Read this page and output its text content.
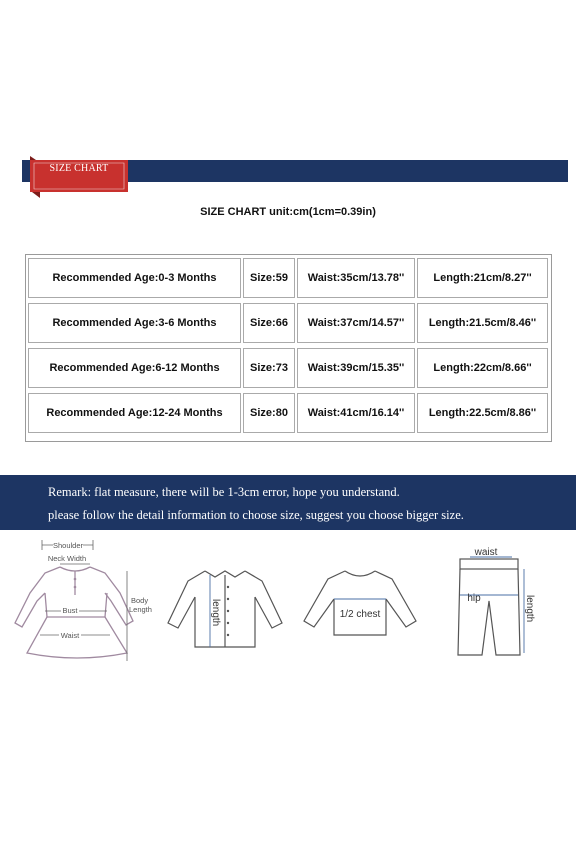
SIZE CHART
SIZE CHART unit:cm(1cm=0.39in)
Recommended Age:0-3 Months	Size:59	Waist:35cm/13.78''	Length:21cm/8.27''
Recommended Age:3-6 Months	Size:66	Waist:37cm/14.57''	Length:21.5cm/8.46''
Recommended Age:6-12 Months	Size:73	Waist:39cm/15.35''	Length:22cm/8.66''
Recommended Age:12-24 Months	Size:80	Waist:41cm/16.14''	Length:22.5cm/8.86''
Remark: flat measure, there will be 1-3cm error, hope you understand.
please follow the detail information to choose size, suggest you choose bigger size.
Shoulder
Neck Width
Bust
Waist
Body
Length	length	1/2 chest
waist
hip	length
